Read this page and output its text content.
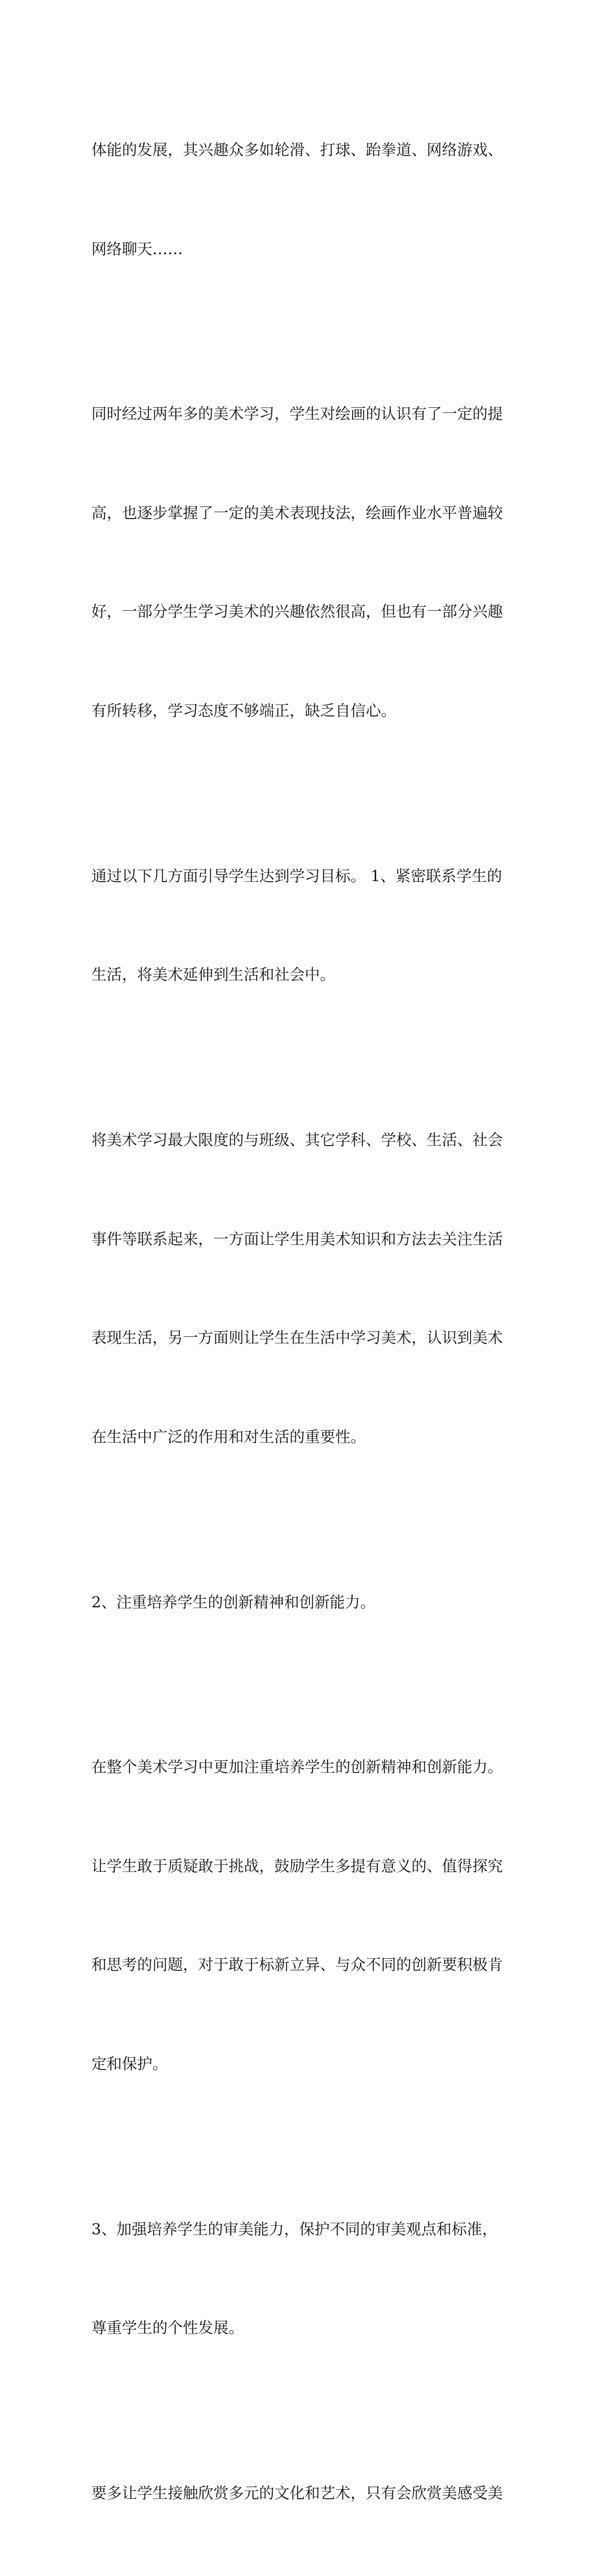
体能的发展，其兴趣众多如轮滑、打球、跆拳道、网络游戏、

网络聊天……

同时经过两年多的美术学习，学生对绘画的认识有了一定的提

高，也逐步掌握了一定的美术表现技法，绘画作业水平普遍较

好，一部分学生学习美术的兴趣依然很高，但也有一部分兴趣

有所转移，学习态度不够端正，缺乏自信心。

通过以下几方面引导学生达到学习目标。 1、紧密联系学生的

生活，将美术延伸到生活和社会中。

将美术学习最大限度的与班级、其它学科、学校、生活、社会

事件等联系起来，一方面让学生用美术知识和方法去关注生活

表现生活，另一方面则让学生在生活中学习美术，认识到美术

在生活中广泛的作用和对生活的重要性。

2、注重培养学生的创新精神和创新能力。

在整个美术学习中更加注重培养学生的创新精神和创新能力。

让学生敢于质疑敢于挑战，鼓励学生多提有意义的、值得探究

和思考的问题，对于敢于标新立异、与众不同的创新要积极肯

定和保护。

3、加强培养学生的审美能力，保护不同的审美观点和标准，

尊重学生的个性发展。

要多让学生接触欣赏多元的文化和艺术，只有会欣赏美感受美
